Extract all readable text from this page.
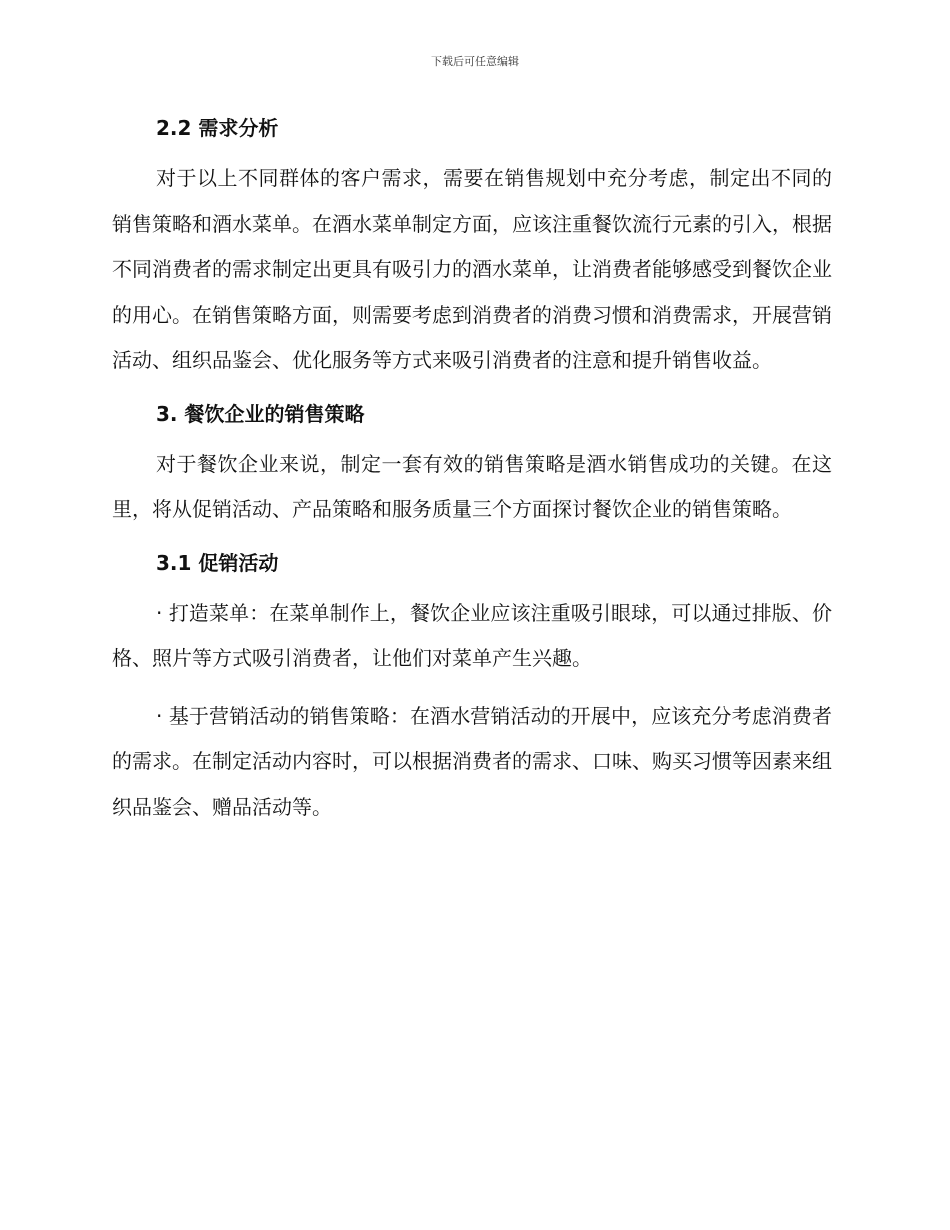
下载后可任意编辑
2.2 需求分析

对于以上不同群体的客户需求，需要在销售规划中充分考虑，制定出不同的销售策略和酒水菜单。在酒水菜单制定方面，应该注重餐饮流行元素的引入，根据不同消费者的需求制定出更具有吸引力的酒水菜单，让消费者能够感受到餐饮企业的用心。在销售策略方面，则需要考虑到消费者的消费习惯和消费需求，开展营销活动、组织品鉴会、优化服务等方式来吸引消费者的注意和提升销售收益。

3. 餐饮企业的销售策略

对于餐饮企业来说，制定一套有效的销售策略是酒水销售成功的关键。在这里，将从促销活动、产品策略和服务质量三个方面探讨餐饮企业的销售策略。

3.1 促销活动

· 打造菜单：在菜单制作上，餐饮企业应该注重吸引眼球，可以通过排版、价格、照片等方式吸引消费者，让他们对菜单产生兴趣。

· 基于营销活动的销售策略：在酒水营销活动的开展中，应该充分考虑消费者的需求。在制定活动内容时，可以根据消费者的需求、口味、购买习惯等因素来组织品鉴会、赠品活动等。
